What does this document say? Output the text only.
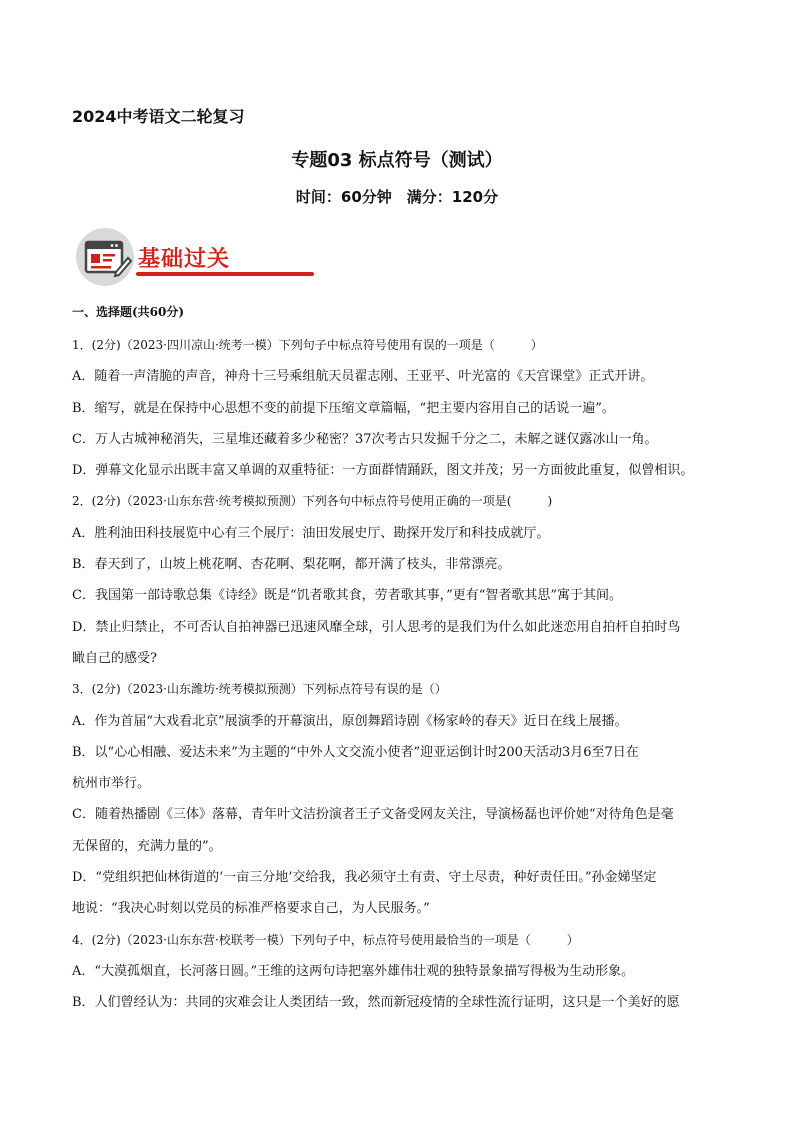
2024中考语文二轮复习
专题03 标点符号（测试）
时间：60分钟　满分：120分
基础过关
一、选择题(共60分)
1．(2分)（2023·四川凉山·统考一模）下列句子中标点符号使用有误的一项是（　　　）
A．随着一声清脆的声音，神舟十三号乘组航天员翟志刚、王亚平、叶光富的《天宫课堂》正式开讲。
B．缩写，就是在保持中心思想不变的前提下压缩文章篇幅，“把主要内容用自己的话说一遍”。
C．万人古城神秘消失，三星堆还藏着多少秘密？37次考古只发掘千分之二，未解之谜仅露冰山一角。
D．弹幕文化显示出既丰富又单调的双重特征：一方面群情踊跃，图文并茂；另一方面彼此重复，似曾相识。
2．(2分)（2023·山东东营·统考模拟预测）下列各句中标点符号使用正确的一项是(　　　)
A．胜利油田科技展览中心有三个展厅：油田发展史厅、勘探开发厅和科技成就厅。
B．春天到了，山坡上桃花啊、杏花啊、梨花啊，都开满了枝头，非常漂亮。
C．我国第一部诗歌总集《诗经》既是“饥者歌其食，劳者歌其事，”更有“智者歌其思”寓于其间。
D．禁止归禁止，不可否认自拍神器已迅速风靡全球，引人思考的是我们为什么如此迷恋用自拍杆自拍时鸟
瞰自己的感受?
3．(2分)（2023·山东潍坊·统考模拟预测）下列标点符号有误的是（）
A．作为首届“大戏看北京”展演季的开幕演出，原创舞蹈诗剧《杨家岭的春天》近日在线上展播。
B．以“心心相融、爱达未来”为主题的“中外人文交流小使者”迎亚运倒计时200天活动3月6至7日在
杭州市举行。
C．随着热播剧《三体》落幕，青年叶文洁扮演者王子文备受网友关注，导演杨磊也评价她“对待角色是毫
无保留的，充满力量的”。
D．“党组织把仙林街道的‘一亩三分地’交给我，我必须守土有责、守土尽责，种好责任田。”孙金娣坚定
地说：“我决心时刻以党员的标准严格要求自己，为人民服务。”
4．(2分)（2023·山东东营·校联考一模）下列句子中，标点符号使用最恰当的一项是（　　　）
A．“大漠孤烟直，长河落日圆。”王维的这两句诗把塞外雄伟壮观的独特景象描写得极为生动形象。
B．人们曾经认为：共同的灾难会让人类团结一致，然而新冠疫情的全球性流行证明，这只是一个美好的愿
